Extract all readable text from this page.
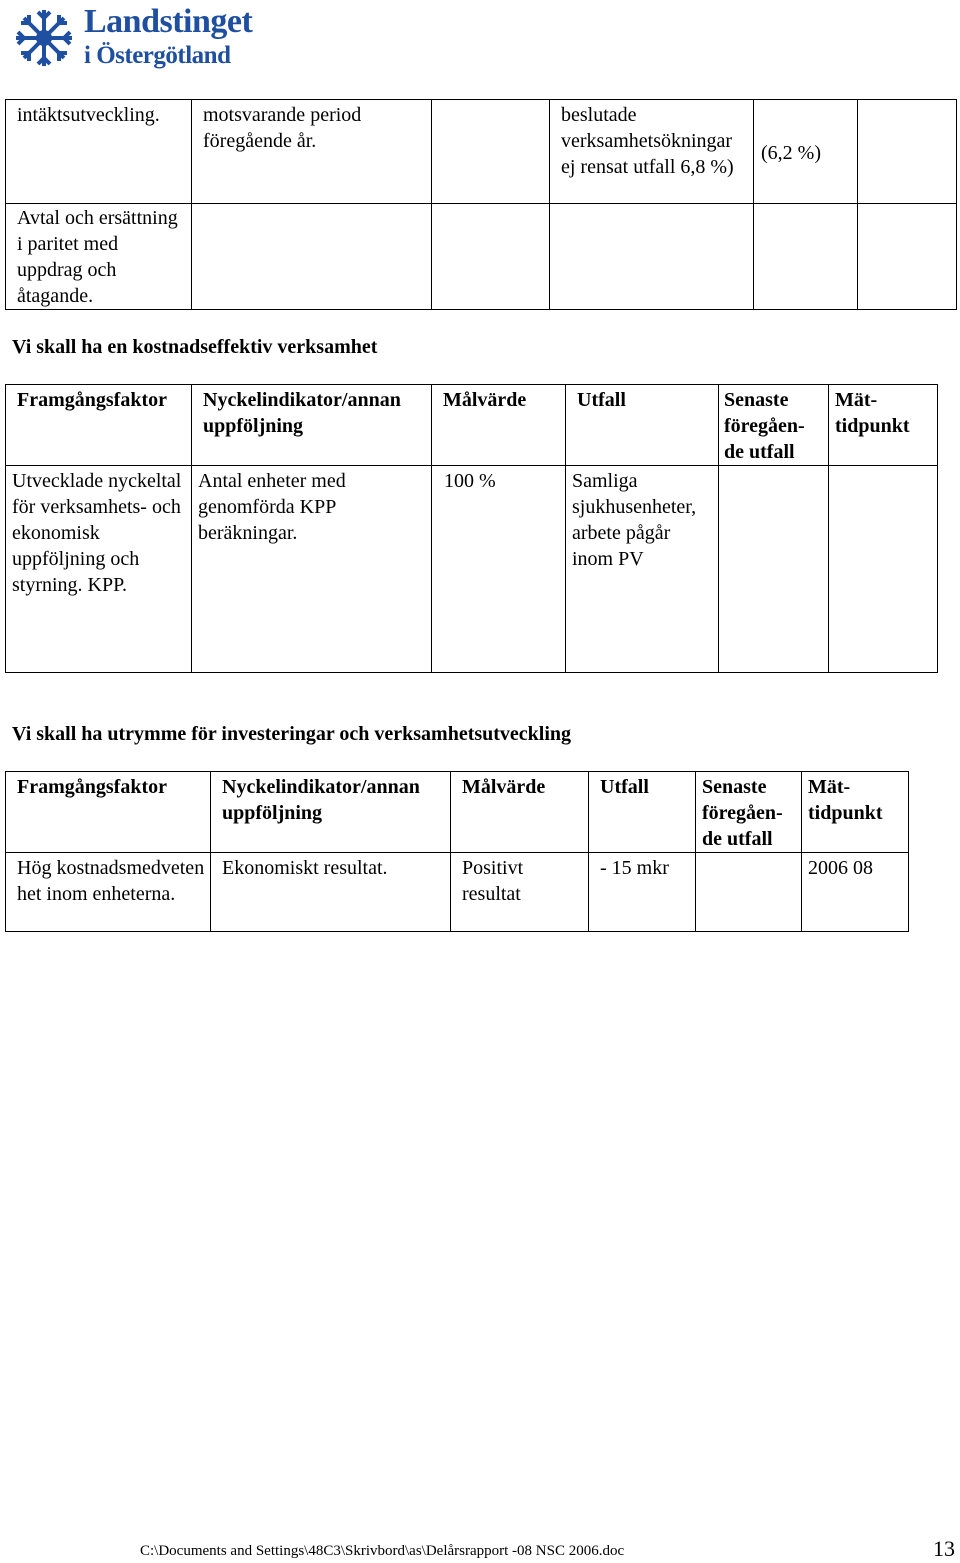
Landstinget
i Östergötland
intäktsutveckling.	motsvarande period föregående år.		beslutade verksamhetsökningar ej rensat utfall 6,8 %)	(6,2 %)	

Avtal och ersättning i paritet med uppdrag och åtagande.					

Vi skall ha en kostnadseffektiv verksamhet
Framgångsfaktor	Nyckelindikator/annan uppföljning	Målvärde	Utfall	Senaste föregåen-de utfall	Mät-tidpunkt

Utvecklade nyckeltal för verksamhets- och ekonomisk uppföljning och styrning. KPP.	Antal enheter med genomförda KPP beräkningar.	100 %	Samliga sjukhusenheter, arbete pågår inom PV		

Vi skall ha utrymme för investeringar och verksamhetsutveckling
Framgångsfaktor	Nyckelindikator/annan uppföljning	Målvärde	Utfall	Senaste föregåen-de utfall	Mät-tidpunkt

Hög kostnadsmedvetenhet inom enheterna.	Ekonomiskt resultat.	Positivt resultat	- 15 mkr		2006 08
C:\Documents and Settings\48C3\Skrivbord\as\Delårsrapport -08 NSC 2006.doc	13
